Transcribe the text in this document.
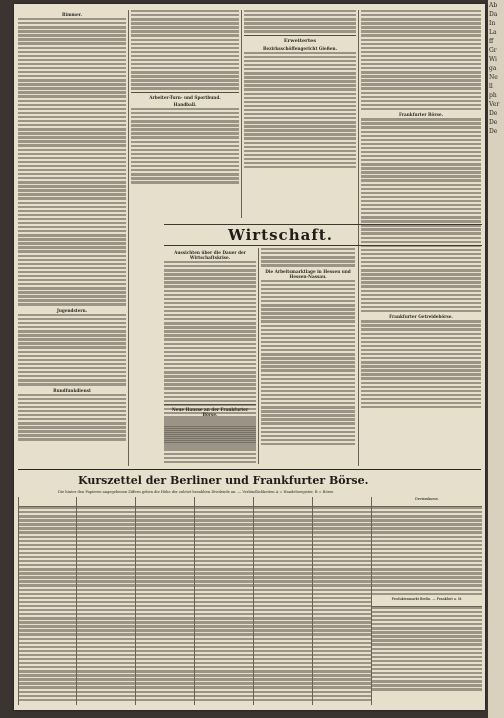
Rimmer.
Jugendstern.
Rundfunkdienst
Arbeiter-Turn- und Sportbund.
Handball.
Erweitertes
Bezirksschöffengericht Gießen.
Frankfurter Börse.
Frankfurter Getreidebörse.
Wirtschaft.
Aussichten über die Dauer der Wirtschaftskrise.
Die Arbeitsmarktlage in Hessen und Hessen-Nassau.
Neue Hausse an der Frankfurter Börse.
Kurszettel der Berliner und Frankfurter Börse.
Die hinter den Papieren angegebenen Ziffern geben die Höhe der zuletzt bezahlten Dividende an. — Verbindlichkeiten A = Handelsregister, B = Börse.
Devisenkurse.
Produktenmarkt Berlin. — Frankfurt a. M.
Ab
Da
In
La
ff
Gr
Wi
ga
Ne
ll
ph
Ver
De
De
De
